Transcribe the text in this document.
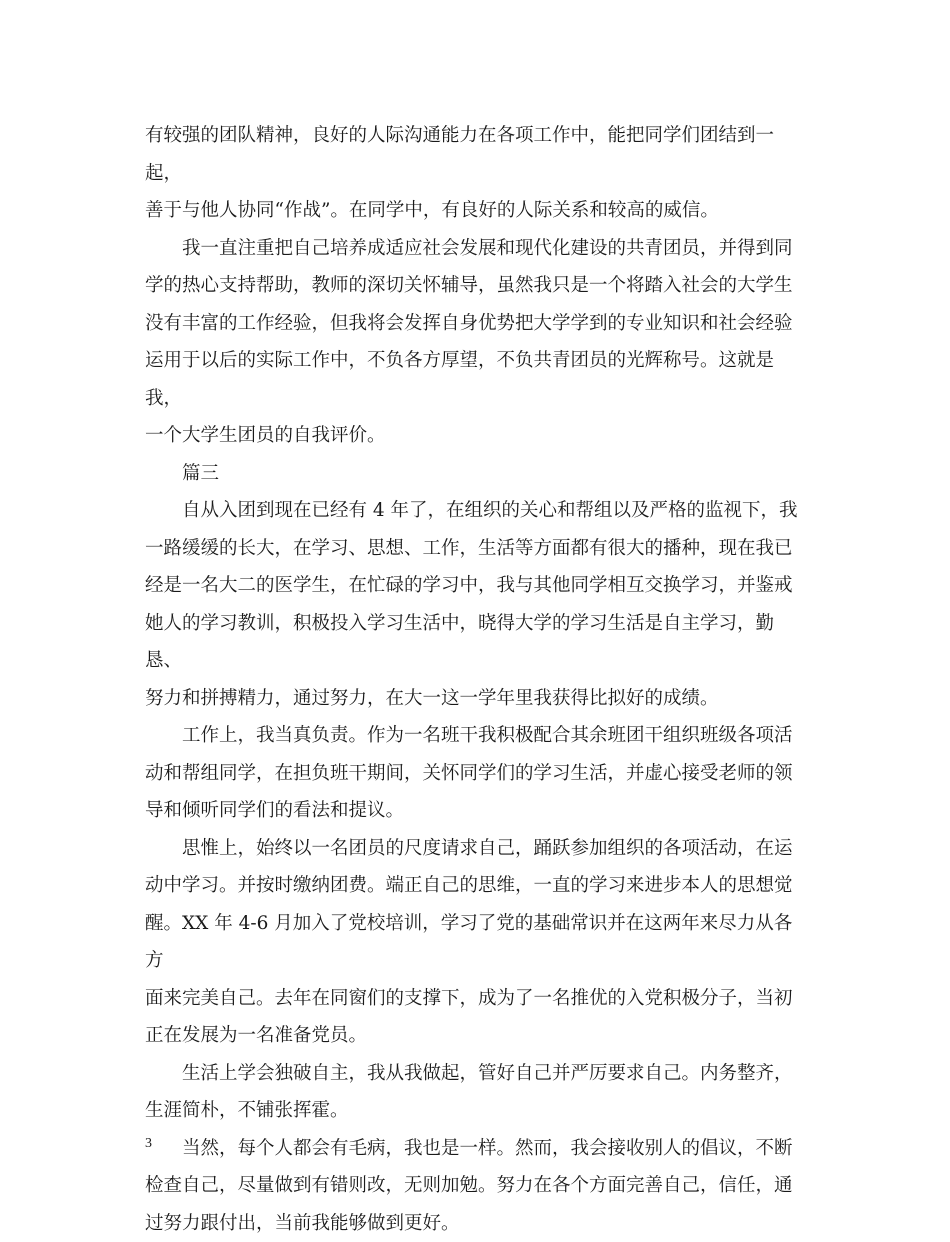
有较强的团队精神，良好的人际沟通能力在各项工作中，能把同学们团结到一起，
善于与他人协同“作战”。在同学中，有良好的人际关系和较高的威信。

我一直注重把自己培养成适应社会发展和现代化建设的共青团员，并得到同
学的热心支持帮助，教师的深切关怀辅导，虽然我只是一个将踏入社会的大学生
没有丰富的工作经验，但我将会发挥自身优势把大学学到的专业知识和社会经验
运用于以后的实际工作中，不负各方厚望，不负共青团员的光辉称号。这就是我，
一个大学生团员的自我评价。

篇三

自从入团到现在已经有 4 年了，在组织的关心和帮组以及严格的监视下，我
一路缓缓的长大，在学习、思想、工作，生活等方面都有很大的播种，现在我已
经是一名大二的医学生，在忙碌的学习中，我与其他同学相互交换学习，并鉴戒
她人的学习教训，积极投入学习生活中，晓得大学的学习生活是自主学习，勤恳、
努力和拼搏精力，通过努力，在大一这一学年里我获得比拟好的成绩。

工作上，我当真负责。作为一名班干我积极配合其余班团干组织班级各项活
动和帮组同学，在担负班干期间，关怀同学们的学习生活，并虚心接受老师的领
导和倾听同学们的看法和提议。

思惟上，始终以一名团员的尺度请求自己，踊跃参加组织的各项活动，在运
动中学习。并按时缴纳团费。端正自己的思维，一直的学习来进步本人的思想觉
醒。XX 年 4-6 月加入了党校培训，学习了党的基础常识并在这两年来尽力从各方
面来完美自己。去年在同窗们的支撑下，成为了一名推优的入党积极分子，当初
正在发展为一名准备党员。

生活上学会独破自主，我从我做起，管好自己并严厉要求自己。内务整齐，
生涯简朴，不铺张挥霍。

当然，每个人都会有毛病，我也是一样。然而，我会接收别人的倡议，不断
检查自己，尽量做到有错则改，无则加勉。努力在各个方面完善自己，信任，通
过努力跟付出，当前我能够做到更好。

3
